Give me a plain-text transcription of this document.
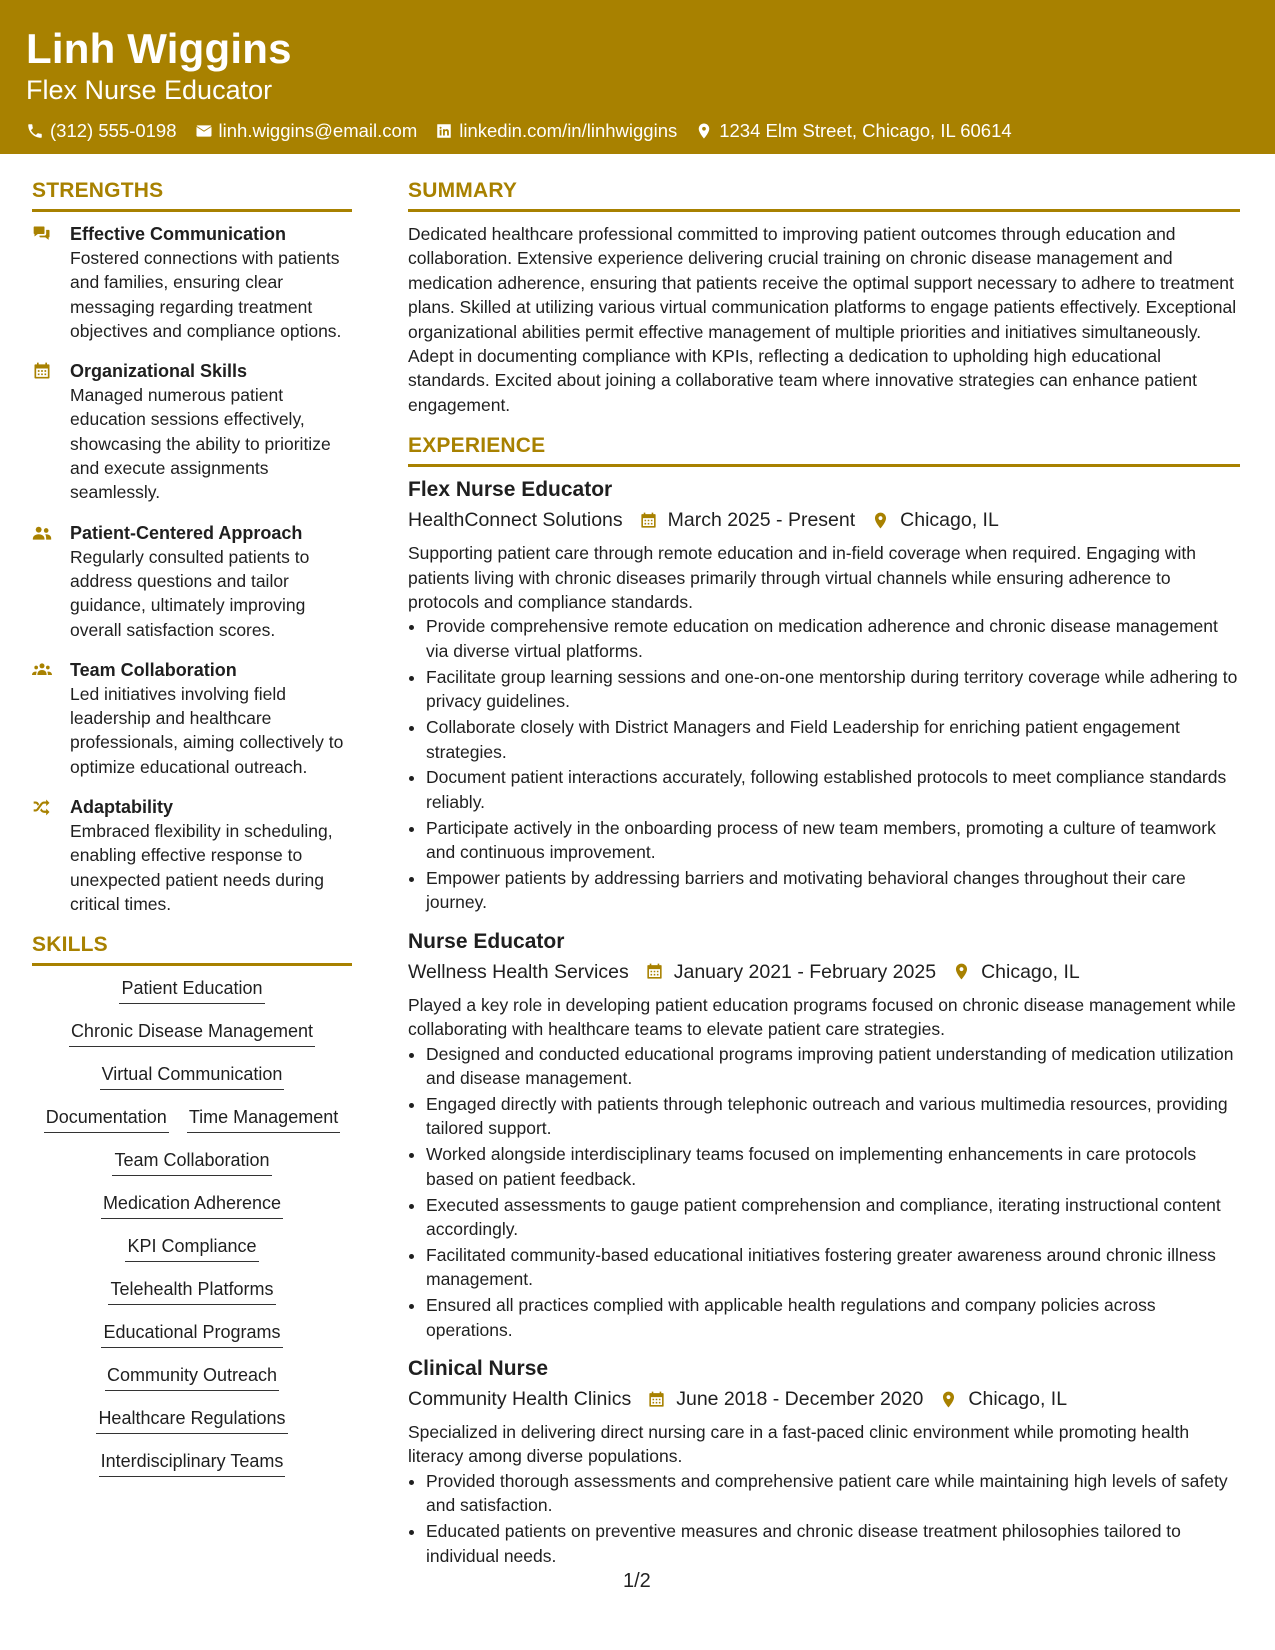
Linh Wiggins
Flex Nurse Educator
(312) 555-0198 linh.wiggins@email.com linkedin.com/in/linhwiggins 1234 Elm Street, Chicago, IL 60614
STRENGTHS
Effective Communication
Fostered connections with patients and families, ensuring clear messaging regarding treatment objectives and compliance options.
Organizational Skills
Managed numerous patient education sessions effectively, showcasing the ability to prioritize and execute assignments seamlessly.
Patient-Centered Approach
Regularly consulted patients to address questions and tailor guidance, ultimately improving overall satisfaction scores.
Team Collaboration
Led initiatives involving field leadership and healthcare professionals, aiming collectively to optimize educational outreach.
Adaptability
Embraced flexibility in scheduling, enabling effective response to unexpected patient needs during critical times.
SKILLS
Patient Education
Chronic Disease Management
Virtual Communication
Documentation Time Management
Team Collaboration
Medication Adherence
KPI Compliance
Telehealth Platforms
Educational Programs
Community Outreach
Healthcare Regulations
Interdisciplinary Teams
SUMMARY
Dedicated healthcare professional committed to improving patient outcomes through education and collaboration. Extensive experience delivering crucial training on chronic disease management and medication adherence, ensuring that patients receive the optimal support necessary to adhere to treatment plans. Skilled at utilizing various virtual communication platforms to engage patients effectively. Exceptional organizational abilities permit effective management of multiple priorities and initiatives simultaneously. Adept in documenting compliance with KPIs, reflecting a dedication to upholding high educational standards. Excited about joining a collaborative team where innovative strategies can enhance patient engagement.
EXPERIENCE
Flex Nurse Educator
HealthConnect Solutions March 2025 - Present Chicago, IL
Supporting patient care through remote education and in-field coverage when required. Engaging with patients living with chronic diseases primarily through virtual channels while ensuring adherence to protocols and compliance standards.
• Provide comprehensive remote education on medication adherence and chronic disease management via diverse virtual platforms.
• Facilitate group learning sessions and one-on-one mentorship during territory coverage while adhering to privacy guidelines.
• Collaborate closely with District Managers and Field Leadership for enriching patient engagement strategies.
• Document patient interactions accurately, following established protocols to meet compliance standards reliably.
• Participate actively in the onboarding process of new team members, promoting a culture of teamwork and continuous improvement.
• Empower patients by addressing barriers and motivating behavioral changes throughout their care journey.
Nurse Educator
Wellness Health Services January 2021 - February 2025 Chicago, IL
Played a key role in developing patient education programs focused on chronic disease management while collaborating with healthcare teams to elevate patient care strategies.
• Designed and conducted educational programs improving patient understanding of medication utilization and disease management.
• Engaged directly with patients through telephonic outreach and various multimedia resources, providing tailored support.
• Worked alongside interdisciplinary teams focused on implementing enhancements in care protocols based on patient feedback.
• Executed assessments to gauge patient comprehension and compliance, iterating instructional content accordingly.
• Facilitated community-based educational initiatives fostering greater awareness around chronic illness management.
• Ensured all practices complied with applicable health regulations and company policies across operations.
Clinical Nurse
Community Health Clinics June 2018 - December 2020 Chicago, IL
Specialized in delivering direct nursing care in a fast-paced clinic environment while promoting health literacy among diverse populations.
• Provided thorough assessments and comprehensive patient care while maintaining high levels of safety and satisfaction.
• Educated patients on preventive measures and chronic disease treatment philosophies tailored to individual needs.
1/2
